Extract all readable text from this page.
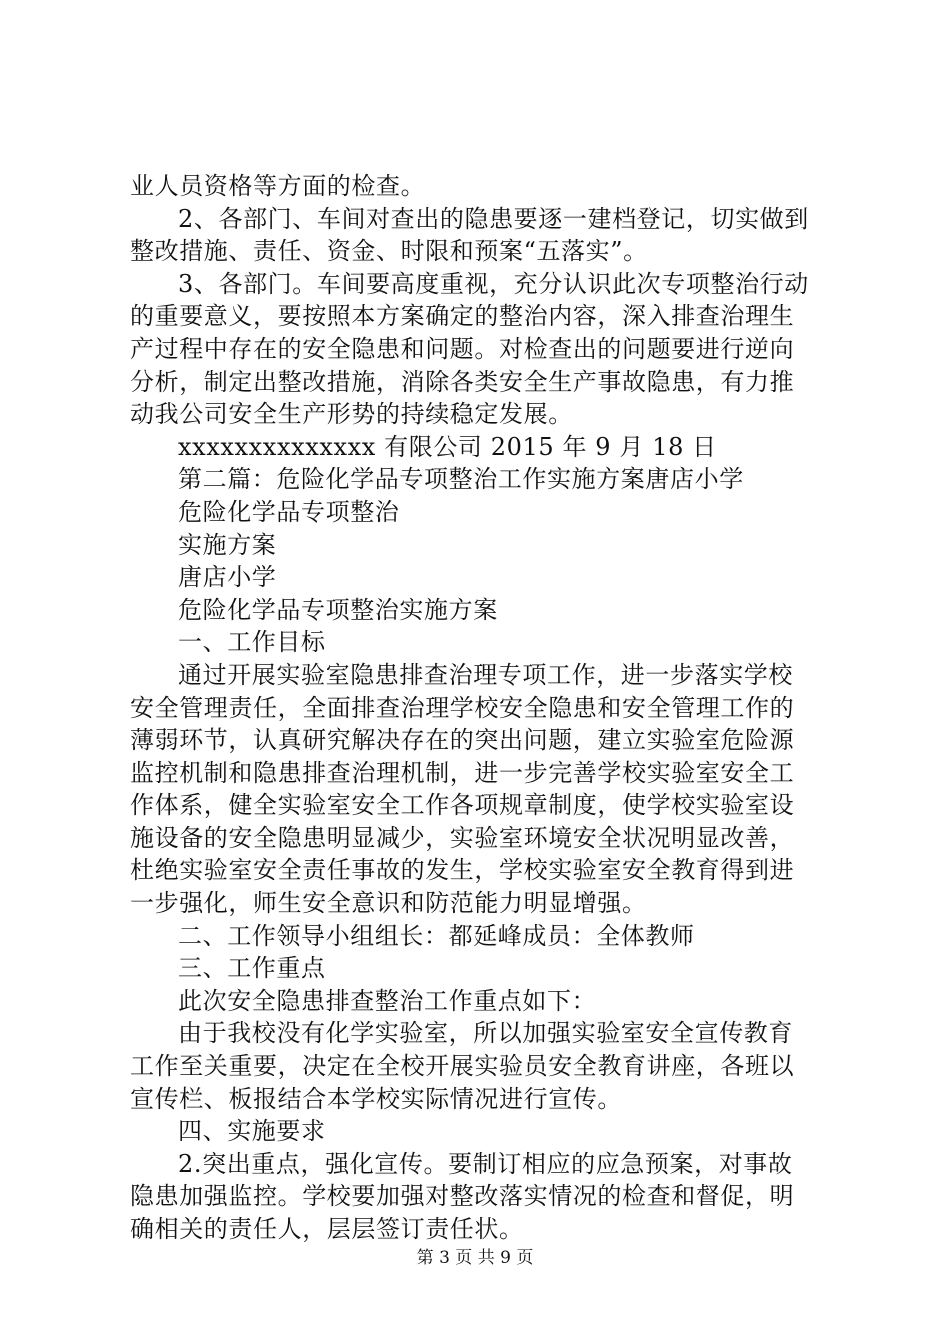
业人员资格等方面的检查。
2、各部门、车间对查出的隐患要逐一建档登记，切实做到
整改措施、责任、资金、时限和预案“五落实”。
3、各部门。车间要高度重视，充分认识此次专项整治行动
的重要意义，要按照本方案确定的整治内容，深入排查治理生
产过程中存在的安全隐患和问题。对检查出的问题要进行逆向
分析，制定出整改措施，消除各类安全生产事故隐患，有力推
动我公司安全生产形势的持续稳定发展。
xxxxxxxxxxxxxx 有限公司 2015 年 9 月 18 日
第二篇：危险化学品专项整治工作实施方案唐店小学
危险化学品专项整治
实施方案
唐店小学
危险化学品专项整治实施方案
一、工作目标
通过开展实验室隐患排查治理专项工作，进一步落实学校
安全管理责任，全面排查治理学校安全隐患和安全管理工作的
薄弱环节，认真研究解决存在的突出问题，建立实验室危险源
监控机制和隐患排查治理机制，进一步完善学校实验室安全工
作体系，健全实验室安全工作各项规章制度，使学校实验室设
施设备的安全隐患明显减少，实验室环境安全状况明显改善，
杜绝实验室安全责任事故的发生，学校实验室安全教育得到进
一步强化，师生安全意识和防范能力明显增强。
二、工作领导小组组长：都延峰成员：全体教师
三、工作重点
此次安全隐患排查整治工作重点如下：
由于我校没有化学实验室，所以加强实验室安全宣传教育
工作至关重要，决定在全校开展实验员安全教育讲座，各班以
宣传栏、板报结合本学校实际情况进行宣传。
四、实施要求
2.突出重点，强化宣传。要制订相应的应急预案，对事故
隐患加强监控。学校要加强对整改落实情况的检查和督促，明
确相关的责任人，层层签订责任状。
第 3 页 共 9 页
